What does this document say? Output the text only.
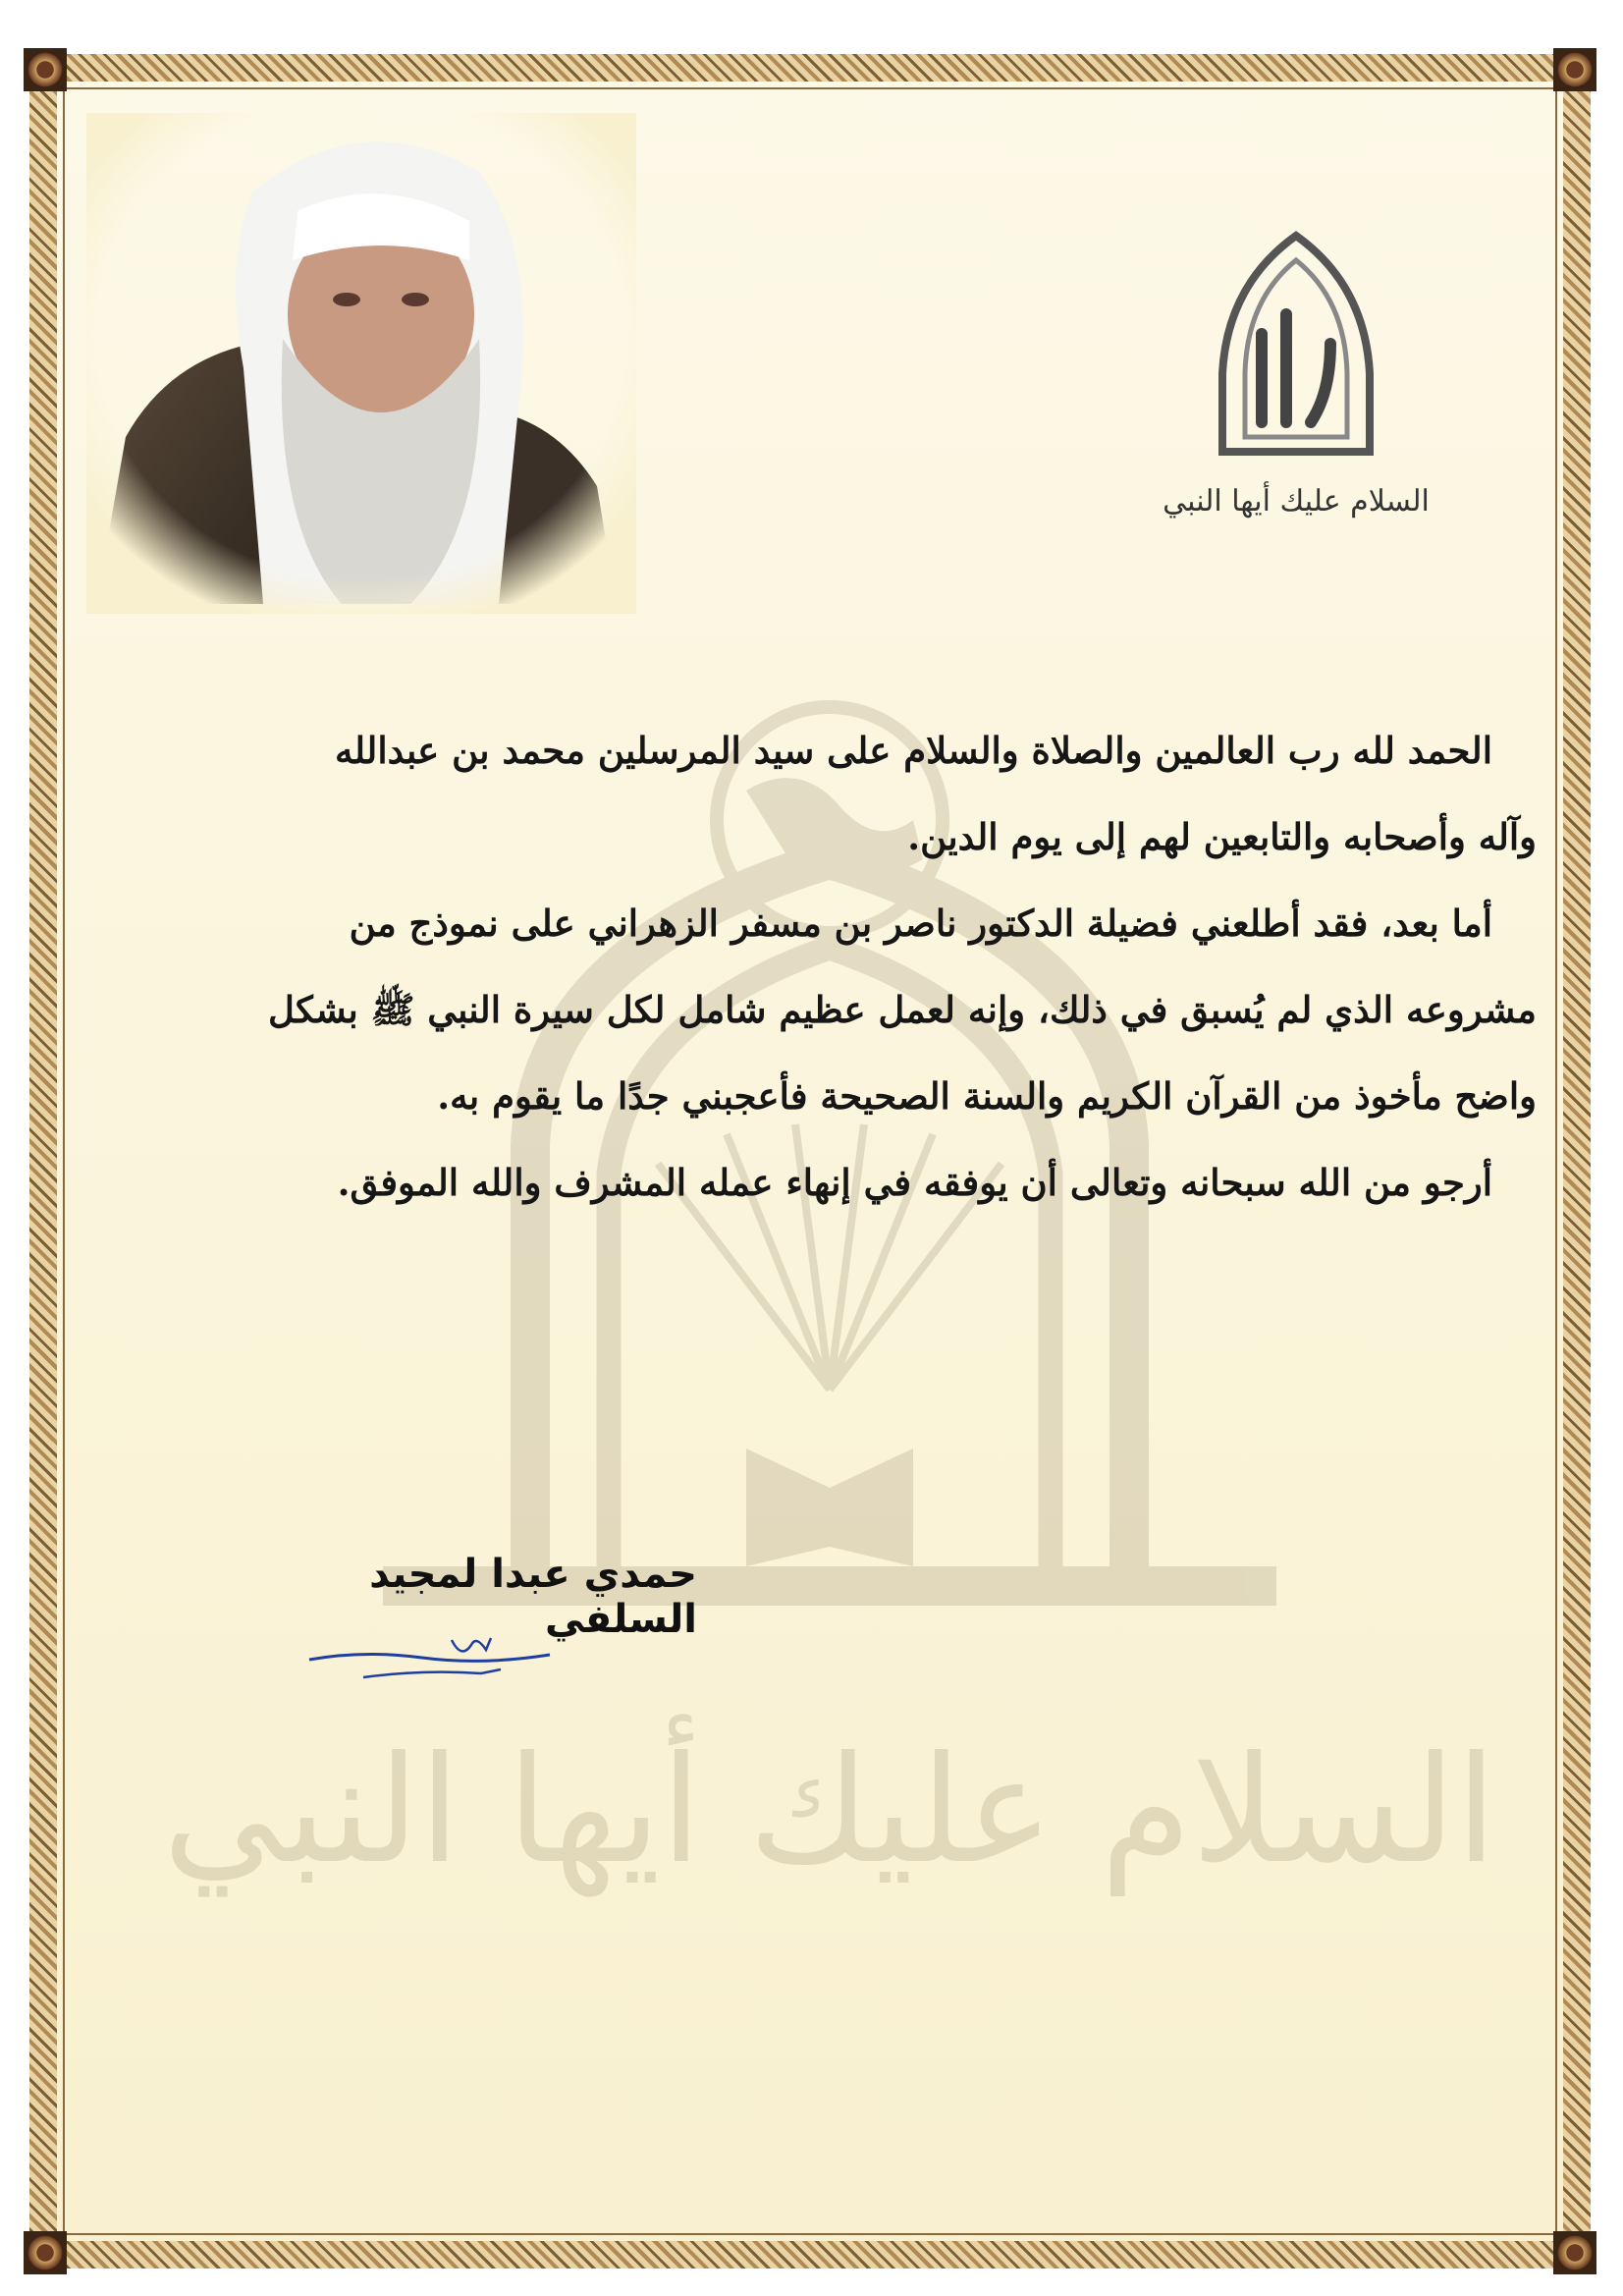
السلام عليك أيها النبي
السلام عليك أيها النبي

الحمد لله رب العالمين والصلاة والسلام على سيد المرسلين محمد بن عبدالله

وآله وأصحابه والتابعين لهم إلى يوم الدين.

أما بعد، فقد أطلعني فضيلة الدكتور ناصر بن مسفر الزهراني على نموذج من

مشروعه الذي لم يُسبق في ذلك، وإنه لعمل عظيم شامل لكل سيرة النبي ﷺ بشكل

واضح مأخوذ من القرآن الكريم والسنة الصحيحة فأعجبني جدًا ما يقوم به.

أرجو من الله سبحانه وتعالى أن يوفقه في إنهاء عمله المشرف والله الموفق.

حمدي عبدا لمجيد السلفي
